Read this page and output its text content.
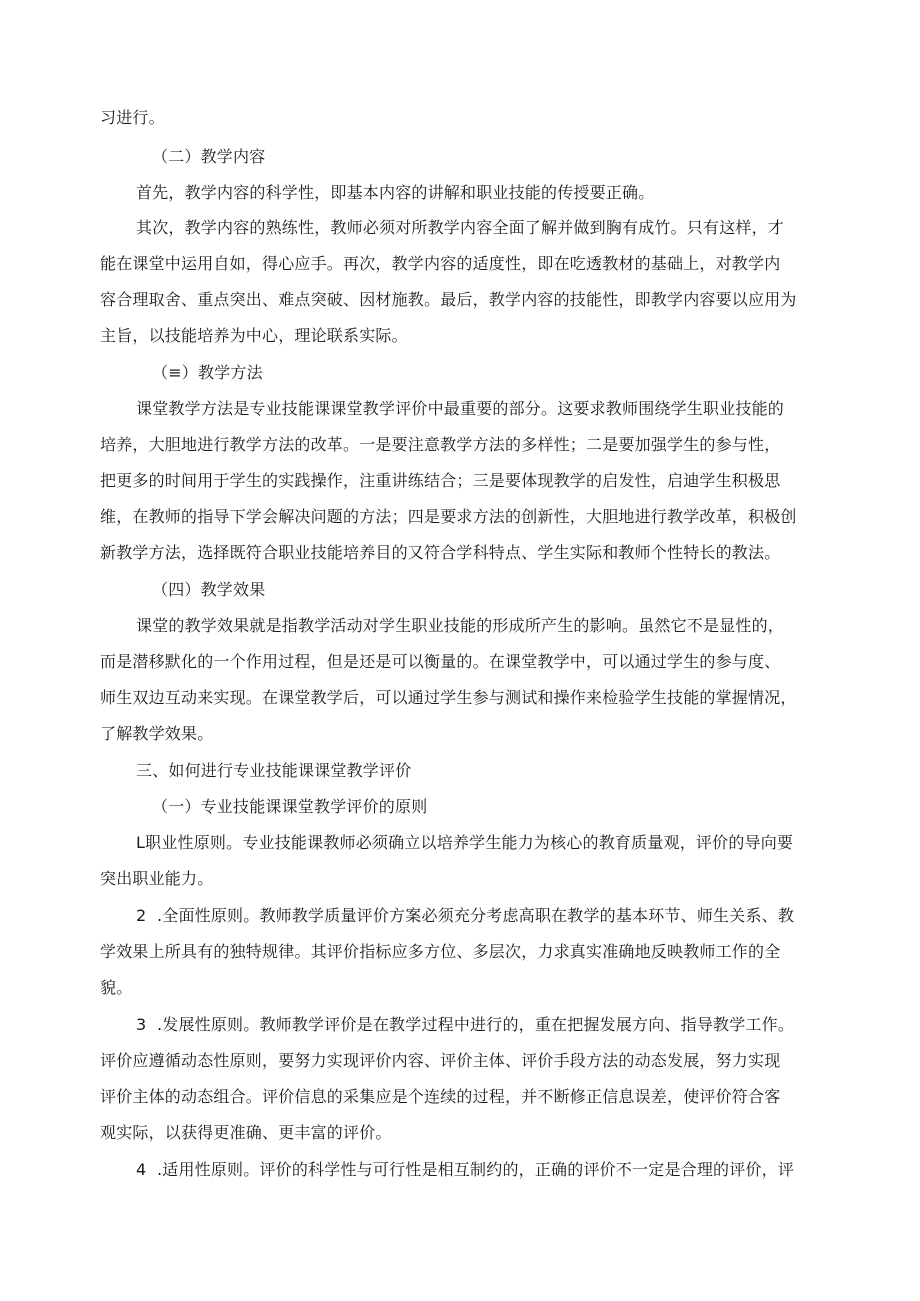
习进行。
（二）教学内容
首先，教学内容的科学性，即基本内容的讲解和职业技能的传授要正确。
其次，教学内容的熟练性，教师必须对所教学内容全面了解并做到胸有成竹。只有这样，才
能在课堂中运用自如，得心应手。再次，教学内容的适度性，即在吃透教材的基础上，对教学内
容合理取舍、重点突出、难点突破、因材施教。最后，教学内容的技能性，即教学内容要以应用为
主旨，以技能培养为中心，理论联系实际。
（≡）教学方法
课堂教学方法是专业技能课课堂教学评价中最重要的部分。这要求教师围绕学生职业技能的
培养，大胆地进行教学方法的改革。一是要注意教学方法的多样性；二是要加强学生的参与性，
把更多的时间用于学生的实践操作，注重讲练结合；三是要体现教学的启发性，启迪学生积极思
维，在教师的指导下学会解决问题的方法；四是要求方法的创新性，大胆地进行教学改革，积极创
新教学方法，选择既符合职业技能培养目的又符合学科特点、学生实际和教师个性特长的教法。
（四）教学效果
课堂的教学效果就是指教学活动对学生职业技能的形成所产生的影响。虽然它不是显性的，
而是潜移默化的一个作用过程，但是还是可以衡量的。在课堂教学中，可以通过学生的参与度、
师生双边互动来实现。在课堂教学后，可以通过学生参与测试和操作来检验学生技能的掌握情况，
了解教学效果。
三、如何进行专业技能课课堂教学评价
（一）专业技能课课堂教学评价的原则
L职业性原则。专业技能课教师必须确立以培养学生能力为核心的教育质量观，评价的导向要
突出职业能力。
2  .全面性原则。教师教学质量评价方案必须充分考虑高职在教学的基本环节、师生关系、教
学效果上所具有的独特规律。其评价指标应多方位、多层次，力求真实准确地反映教师工作的全
貌。
3  .发展性原则。教师教学评价是在教学过程中进行的，重在把握发展方向、指导教学工作。
评价应遵循动态性原则，要努力实现评价内容、评价主体、评价手段方法的动态发展，努力实现
评价主体的动态组合。评价信息的采集应是个连续的过程，并不断修正信息误差，使评价符合客
观实际，以获得更准确、更丰富的评价。
4  .适用性原则。评价的科学性与可行性是相互制约的，正确的评价不一定是合理的评价，评
